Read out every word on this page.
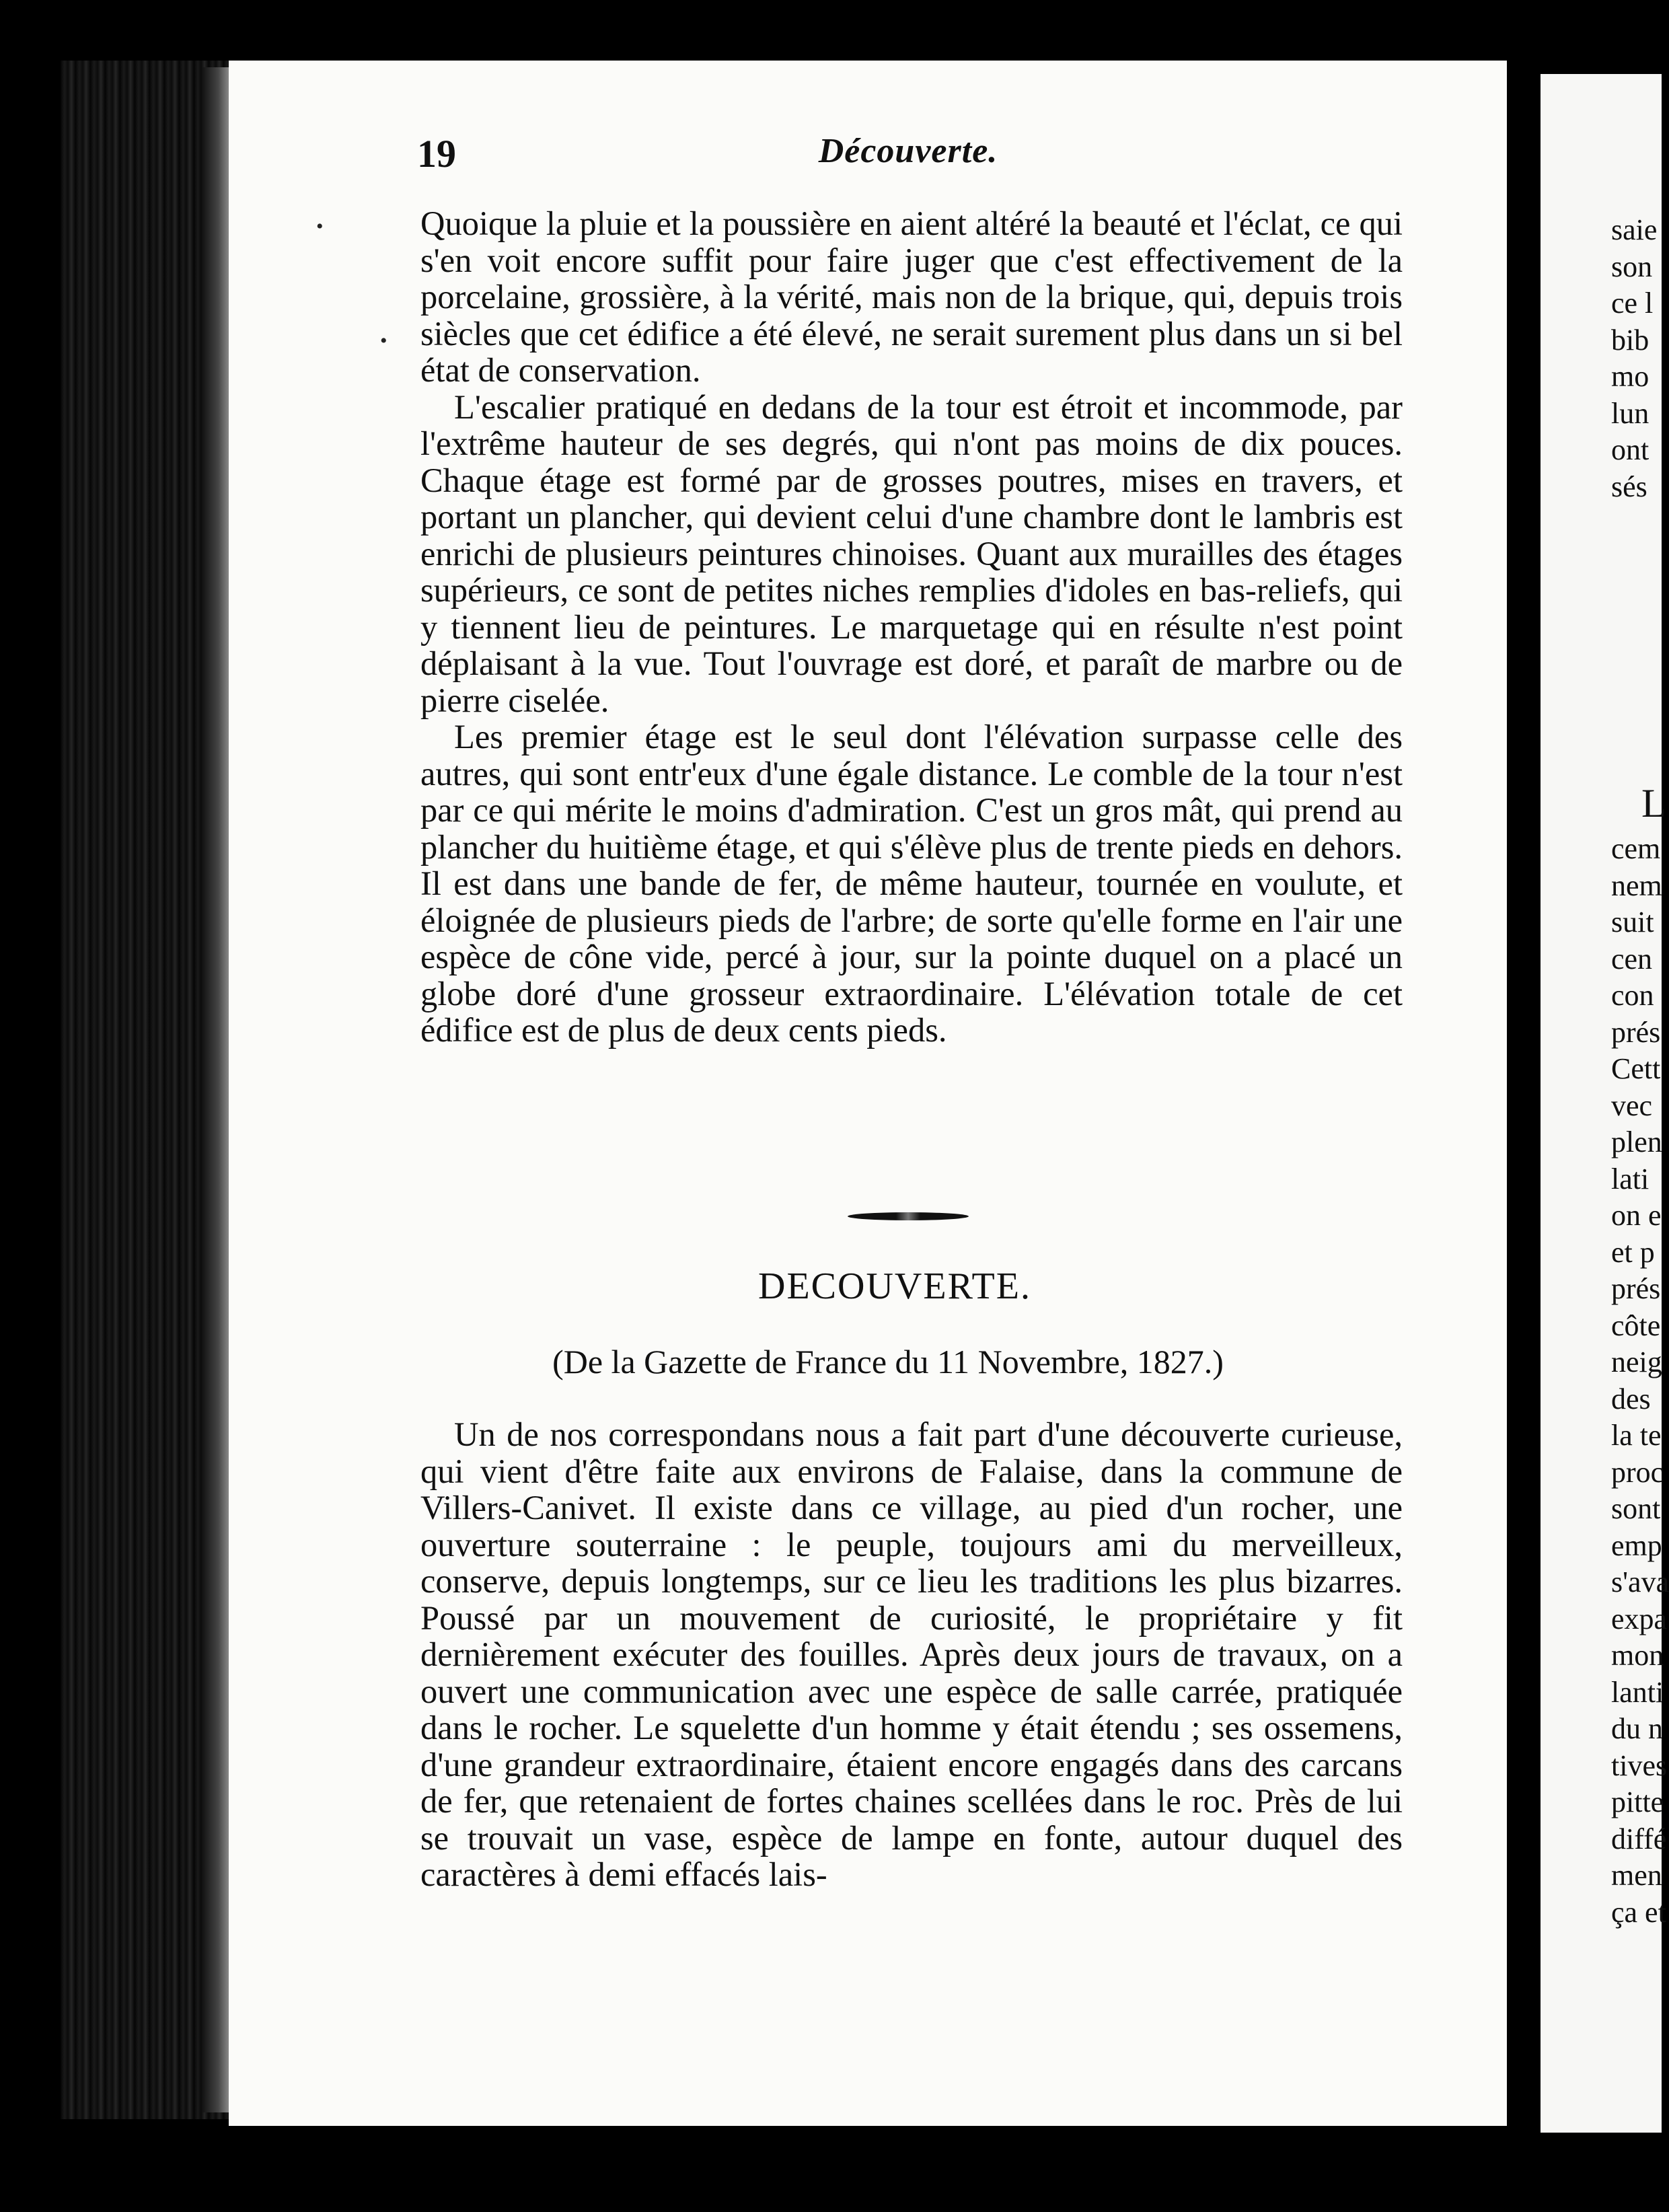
19	Découverte.

Quoique la pluie et la poussière en aient altéré la beauté et l'éclat, ce qui s'en voit encore suffit pour faire juger que c'est effectivement de la porcelaine, grossière, à la vérité, mais non de la brique, qui, depuis trois siècles que cet édifice a été élevé, ne serait surement plus dans un si bel état de conservation.

L'escalier pratiqué en dedans de la tour est étroit et incommode, par l'extrême hauteur de ses degrés, qui n'ont pas moins de dix pouces. Chaque étage est formé par de grosses poutres, mises en travers, et portant un plancher, qui devient celui d'une chambre dont le lambris est enrichi de plusieurs peintures chinoises. Quant aux murailles des étages supérieurs, ce sont de petites niches remplies d'idoles en bas-reliefs, qui y tiennent lieu de peintures. Le marquetage qui en résulte n'est point déplaisant à la vue. Tout l'ouvrage est doré, et paraît de marbre ou de pierre ciselée.

Les premier étage est le seul dont l'élévation surpasse celle des autres, qui sont entr'eux d'une égale distance. Le comble de la tour n'est par ce qui mérite le moins d'admiration. C'est un gros mât, qui prend au plancher du huitième étage, et qui s'élève plus de trente pieds en dehors. Il est dans une bande de fer, de même hauteur, tournée en voulute, et éloignée de plusieurs pieds de l'arbre; de sorte qu'elle forme en l'air une espèce de cône vide, percé à jour, sur la pointe duquel on a placé un globe doré d'une grosseur extraordinaire. L'élévation totale de cet édifice est de plus de deux cents pieds.

DECOUVERTE.
(De la Gazette de France du 11 Novembre, 1827.)

Un de nos correspondans nous a fait part d'une découverte curieuse, qui vient d'être faite aux environs de Falaise, dans la commune de Villers-Canivet. Il existe dans ce village, au pied d'un rocher, une ouverture souterraine : le peuple, toujours ami du merveilleux, conserve, depuis longtemps, sur ce lieu les traditions les plus bizarres. Poussé par un mouvement de curiosité, le propriétaire y fit dernièrement exécuter des fouilles. Après deux jours de travaux, on a ouvert une communication avec une espèce de salle carrée, pratiquée dans le rocher. Le squelette d'un homme y était étendu ; ses ossemens, d'une grandeur extraordinaire, étaient encore engagés dans des carcans de fer, que retenaient de fortes chaines scellées dans le roc. Près de lui se trouvait un vase, espèce de lampe en fonte, autour duquel des caractères à demi effacés lais-

saie
son
ce l
bib
mo
lun
ont
sés
L
cem
nem
suit
cen
con
prés
Cett
vec
plen
lati
on e
et p
prés
côte
neig
des
la te
proc
sont
emp
s'ava
expa
mon
lanti
du n
tives
pitte
diffé
men
ça et
•
•
